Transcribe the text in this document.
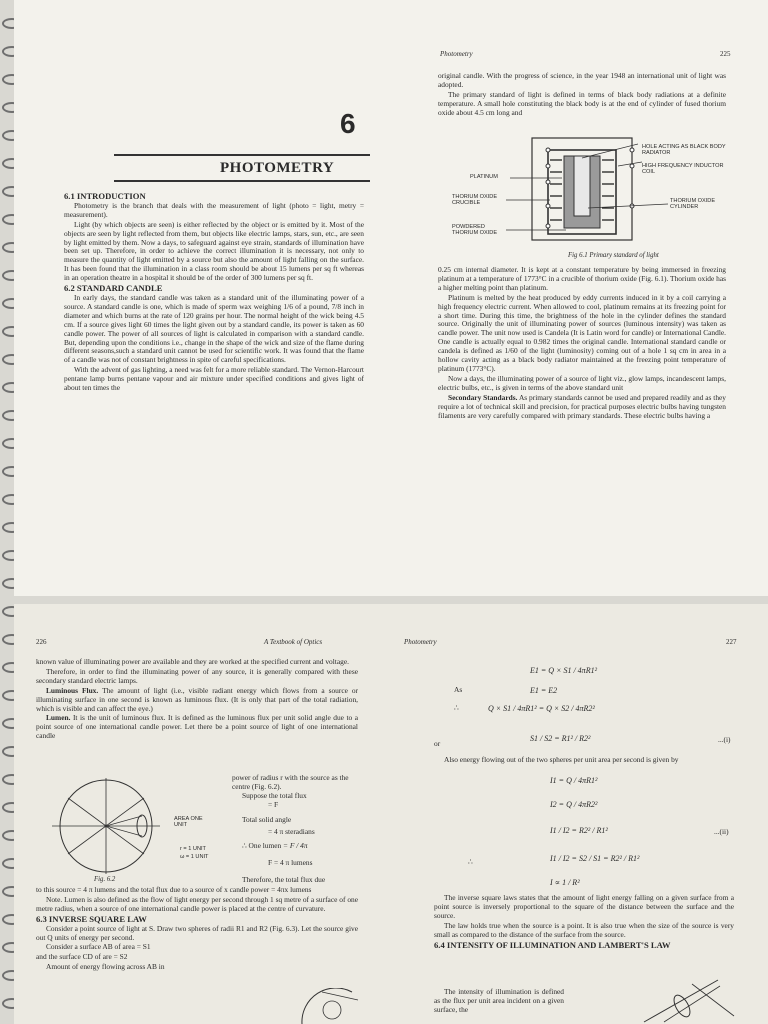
Photometry	225
6
PHOTOMETRY

6.1 INTRODUCTION

Photometry is the branch that deals with the measurement of light (photo = light, metry = measurement).

Light (by which objects are seen) is either reflected by the object or is emitted by it. Most of the objects are seen by light reflected from them, but objects like electric lamps, stars, sun, etc., are seen by light emitted by them. Now a days, to safeguard against eye strain, standards of illumination have been set up. Therefore, in order to achieve the correct illumination it is necessary, not only to measure the quantity of light emitted by a source but also the amount of light falling on the surface. It has been found that the illumination in a class room should be about 15 lumens per sq ft whereas in an operation theatre in a hospital it should be of the order of 300 lumens per sq ft.

6.2 STANDARD CANDLE

In early days, the standard candle was taken as a standard unit of the illuminating power of a source. A standard candle is one, which is made of sperm wax weighing 1/6 of a pound, 7/8 inch in diameter and which burns at the rate of 120 grains per hour. The normal height of the wick being 4.5 cm. If a source gives light 60 times the light given out by a standard candle, its power is taken as 60 candle power. The power of all sources of light is calculated in comparison with a standard candle. But, depending upon the conditions i.e., change in the shape of the wick and size of the flame during different seasons,such a standard unit cannot be used for scientific work. It was found that the flame of a candle was not of constant brightness in spite of careful specifications.

With the advent of gas lighting, a need was felt for a more reliable standard. The Vernon-Harcourt pentane lamp burns pentane vapour and air mixture under specified conditions and gives light of about ten times the

original candle. With the progress of science, in the year 1948 an international unit of light was adopted.

The primary standard of light is defined in terms of black body radiations at a definite temperature. A small hole constituting the black body is at the end of cylinder of fused thorium oxide about 4.5 cm long and

HOLE ACTING AS BLACK BODY RADIATOR
HIGH FREQUENCY INDUCTOR COIL
PLATINUM
THORIUM OXIDE CRUCIBLE	THORIUM OXIDE CYLINDER
POWDERED THORIUM OXIDE
Fig 6.1 Primary standard of light

0.25 cm internal diameter. It is kept at a constant temperature by being immersed in freezing platinum at a temperature of 1773°C in a crucible of thorium oxide (Fig. 6.1). Thorium oxide has a higher melting point than platinum.

Platinum is melted by the heat produced by eddy currents induced in it by a coil carrying a high frequency electric current. When allowed to cool, platinum remains at its freezing point for a short time. During this time, the brightness of the hole in the cylinder defines the standard source. Originally the unit of illuminating power of sources (luminous intensity) was taken as candle power. The unit now used is Candela (It is Latin word for candle) or International Candle. One candle is actually equal to 0.982 times the original candle. International standard candle or candela is defined as 1/60 of the light (luminosity) coming out of a hole 1 sq cm in area in a hollow cavity acting as a black body radiator maintained at the freezing point temperature of platinum (1773°C).

Now a days, the illuminating power of a source of light viz., glow lamps, incandescent lamps, electric bulbs, etc., is given in terms of the above standard unit

Secondary Standards. As primary standards cannot be used and prepared readily and as they require a lot of technical skill and precision, for practical purposes electric bulbs having tungsten filaments are very carefully compared with primary standards. These electric bulbs having a

226	A Textbook of Optics

known value of illuminating power are available and they are worked at the specified current and voltage.

Therefore, in order to find the illuminating power of any source, it is generally compared with these secondary standard electric lamps.

Luminous Flux. The amount of light (i.e., visible radiant energy which flows from a source or illuminating surface in one second is known as luminous flux. (It is only that part of the total radiation, which is visible and can affect the eye.)

Lumen. It is the unit of luminous flux. It is defined as the luminous flux per unit solid angle due to a point source of one international candle power. Let there be a point source of light of one international candle

AREA ONE UNIT
r = 1 UNIT
ω = 1 UNIT
Fig. 6.2
power of radius r with the source as the centre (Fig. 6.2).
Suppose the total flux
= F
Total solid angle
= 4 π steradians
∴ One lumen = F / 4π
F = 4 π lumens
Therefore, the total flux due

to this source = 4 π lumens and the total flux due to a source of x candle power = 4πx lumens

Note. Lumen is also defined as the flow of light energy per second through 1 sq metre of a surface of one metre radius, when a source of one international candle power is placed at the centre of curvature.

6.3 INVERSE SQUARE LAW

Consider a point source of light at S. Draw two spheres of radii R1 and R2 (Fig. 6.3). Let the source give out Q units of energy per second.

Consider a surface AB of area = S1

and the surface CD of are = S2

Amount of energy flowing across AB in

Photometry	227
E1 = Q × S1 / 4πR1²
As	E1 = E2
∴	Q × S1 / 4πR1² = Q × S2 / 4πR2²
or
S1 / S2 = R1² / R2²	...(i)

Also energy flowing out of the two spheres per unit area per second is given by

I1 = Q / 4πR1²
I2 = Q / 4πR2²
I1 / I2 = R2² / R1²	...(ii)
∴	I1 / I2 = S2 / S1 = R2² / R1²
I ∝ 1 / R²

The inverse square laws states that the amount of light energy falling on a given surface from a point source is inversely proportional to the square of the distance between the surface and the source.

The law holds true when the source is a point. It is also true when the size of the source is very small as compared to the distance of the surface from the source.

6.4 INTENSITY OF ILLUMINATION AND LAMBERT'S LAW

The intensity of illumination is defined as the flux per unit area incident on a given surface, the
